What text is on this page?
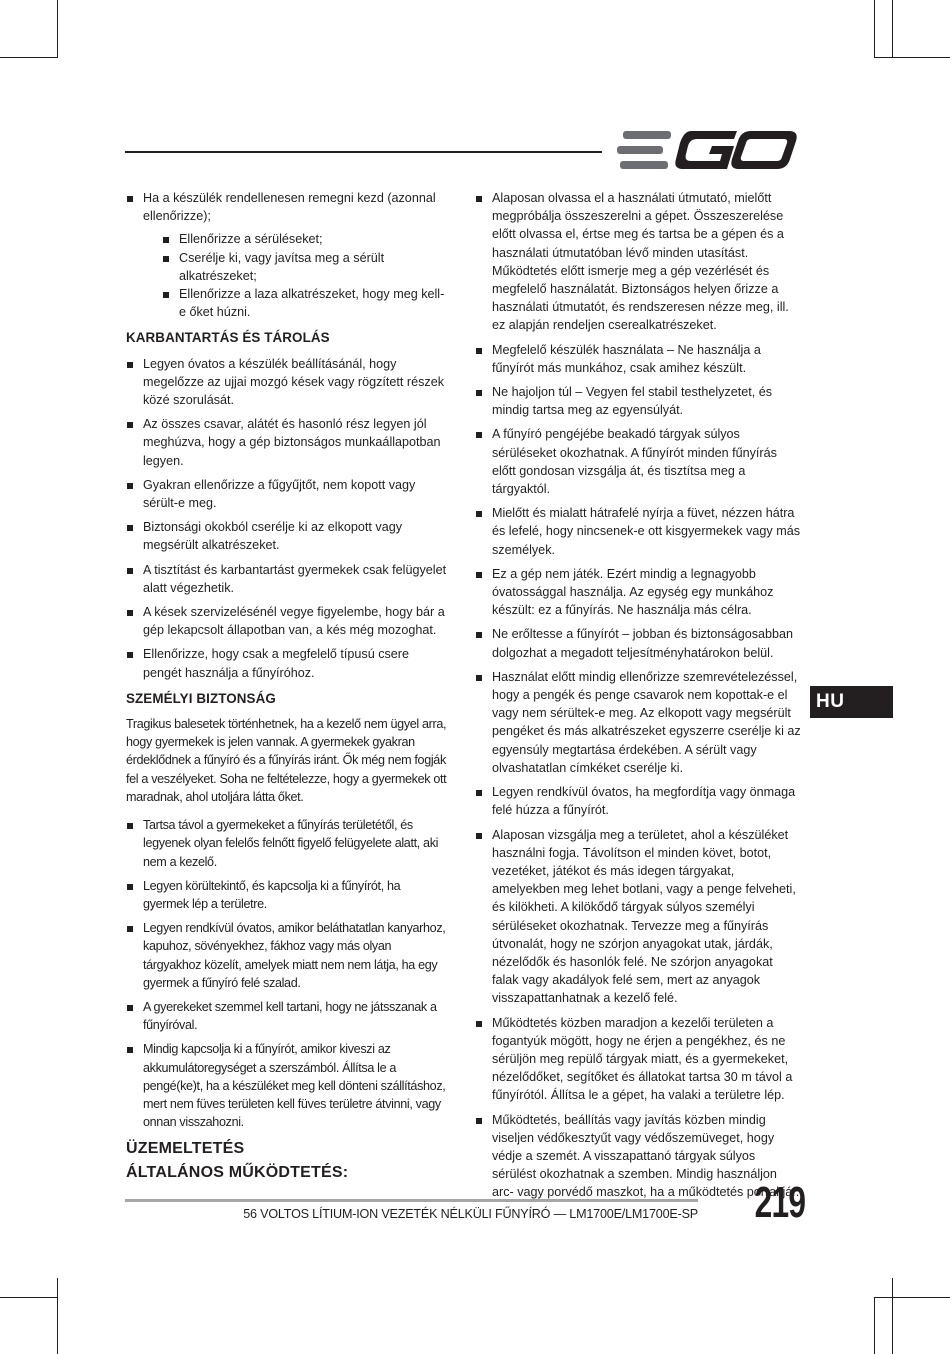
Ha a készülék rendellenesen remegni kezd (azonnal ellenőrizze);
Ellenőrizze a sérüléseket;
Cserélje ki, vagy javítsa meg a sérült alkatrészeket;
Ellenőrizze a laza alkatrészeket, hogy meg kell-e őket húzni.
KARBANTARTÁS ÉS TÁROLÁS
Legyen óvatos a készülék beállításánál, hogy megelőzze az ujjai mozgó kések vagy rögzített részek közé szorulását.
Az összes csavar, alátét és hasonló rész legyen jól meghúzva, hogy a gép biztonságos munkaállapotban legyen.
Gyakran ellenőrizze a fűgyűjtőt, nem kopott vagy sérült-e meg.
Biztonsági okokból cserélje ki az elkopott vagy megsérült alkatrészeket.
A tisztítást és karbantartást gyermekek csak felügyelet alatt végezhetik.
A kések szervizelésénél vegye figyelembe, hogy bár a gép lekapcsolt állapotban van, a kés még mozoghat.
Ellenőrizze, hogy csak a megfelelő típusú csere pengét használja a fűnyíróhoz.
SZEMÉLYI BIZTONSÁG

Tragikus balesetek történhetnek, ha a kezelő nem ügyel arra, hogy gyermekek is jelen vannak. A gyermekek gyakran érdeklődnek a fűnyíró és a fűnyírás iránt. Ők még nem fogják fel a veszélyeket. Soha ne feltételezze, hogy a gyermekek ott maradnak, ahol utoljára látta őket.

Tartsa távol a gyermekeket a fűnyírás területétől, és legyenek olyan felelős felnőtt figyelő felügyelete alatt, aki nem a kezelő.
Legyen körültekintő, és kapcsolja ki a fűnyírót, ha gyermek lép a területre.
Legyen rendkívül óvatos, amikor beláthatatlan kanyarhoz, kapuhoz, sövényekhez, fákhoz vagy más olyan tárgyakhoz közelít, amelyek miatt nem nem látja, ha egy gyermek a fűnyíró felé szalad.
A gyerekeket szemmel kell tartani, hogy ne játsszanak a fűnyíróval.
Mindig kapcsolja ki a fűnyírót, amikor kiveszi az akkumulátoregységet a szerszámból. Állítsa le a pengé(ke)t, ha a készüléket meg kell dönteni szállításhoz, mert nem füves területen kell füves területre átvinni, vagy onnan visszahozni.
ÜZEMELTETÉS
ÁLTALÁNOS MŰKÖDTETÉS:
Alaposan olvassa el a használati útmutató, mielőtt megpróbálja összeszerelni a gépet. Összeszerelése előtt olvassa el, értse meg és tartsa be a gépen és a használati útmutatóban lévő minden utasítást. Működtetés előtt ismerje meg a gép vezérlését és megfelelő használatát. Biztonságos helyen őrizze a használati útmutatót, és rendszeresen nézze meg, ill. ez alapján rendeljen cserealkatrészeket.
Megfelelő készülék használata – Ne használja a fűnyírót más munkához, csak amihez készült.
Ne hajoljon túl – Vegyen fel stabil testhelyzetet, és mindig tartsa meg az egyensúlyát.
A fűnyíró pengéjébe beakadó tárgyak súlyos sérüléseket okozhatnak. A fűnyírót minden fűnyírás előtt gondosan vizsgálja át, és tisztítsa meg a tárgyaktól.
Mielőtt és mialatt hátrafelé nyírja a füvet, nézzen hátra és lefelé, hogy nincsenek-e ott kisgyermekek vagy más személyek.
Ez a gép nem játék. Ezért mindig a legnagyobb óvatossággal használja. Az egység egy munkához készült: ez a fűnyírás. Ne használja más célra.
Ne erőltesse a fűnyírót – jobban és biztonságosabban dolgozhat a megadott teljesítményhatárokon belül.
Használat előtt mindig ellenőrizze szemrevételezéssel, hogy a pengék és penge csavarok nem kopottak-e el vagy nem sérültek-e meg. Az elkopott vagy megsérült pengéket és más alkatrészeket egyszerre cserélje ki az egyensúly megtartása érdekében. A sérült vagy olvashatatlan címkéket cserélje ki.
Legyen rendkívül óvatos, ha megfordítja vagy önmaga felé húzza a fűnyírót.
Alaposan vizsgálja meg a területet, ahol a készüléket használni fogja. Távolítson el minden követ, botot, vezetéket, játékot és más idegen tárgyakat, amelyekben meg lehet botlani, vagy a penge felveheti, és kilökheti. A kilökődő tárgyak súlyos személyi sérüléseket okozhatnak. Tervezze meg a fűnyírás útvonalát, hogy ne szórjon anyagokat utak, járdák, nézelődők és hasonlók felé. Ne szórjon anyagokat falak vagy akadályok felé sem, mert az anyagok visszapattanhatnak a kezelő felé.
Működtetés közben maradjon a kezelői területen a fogantyúk mögött, hogy ne érjen a pengékhez, és ne sérüljön meg repülő tárgyak miatt, és a gyermekeket, nézelődőket, segítőket és állatokat tartsa 30 m távol a fűnyírótól. Állítsa le a gépet, ha valaki a területre lép.
Működtetés, beállítás vagy javítás közben mindig viseljen védőkesztyűt vagy védőszemüveget, hogy védje a szemét. A visszapattanó tárgyak súlyos sérülést okozhatnak a szemben. Mindig használjon arc- vagy porvédő maszkot, ha a működtetés porral jár.
HU
56 VOLTOS LÍTIUM-ION VEZETÉK NÉLKÜLI FŰNYÍRÓ — LM1700E/LM1700E-SP 219
